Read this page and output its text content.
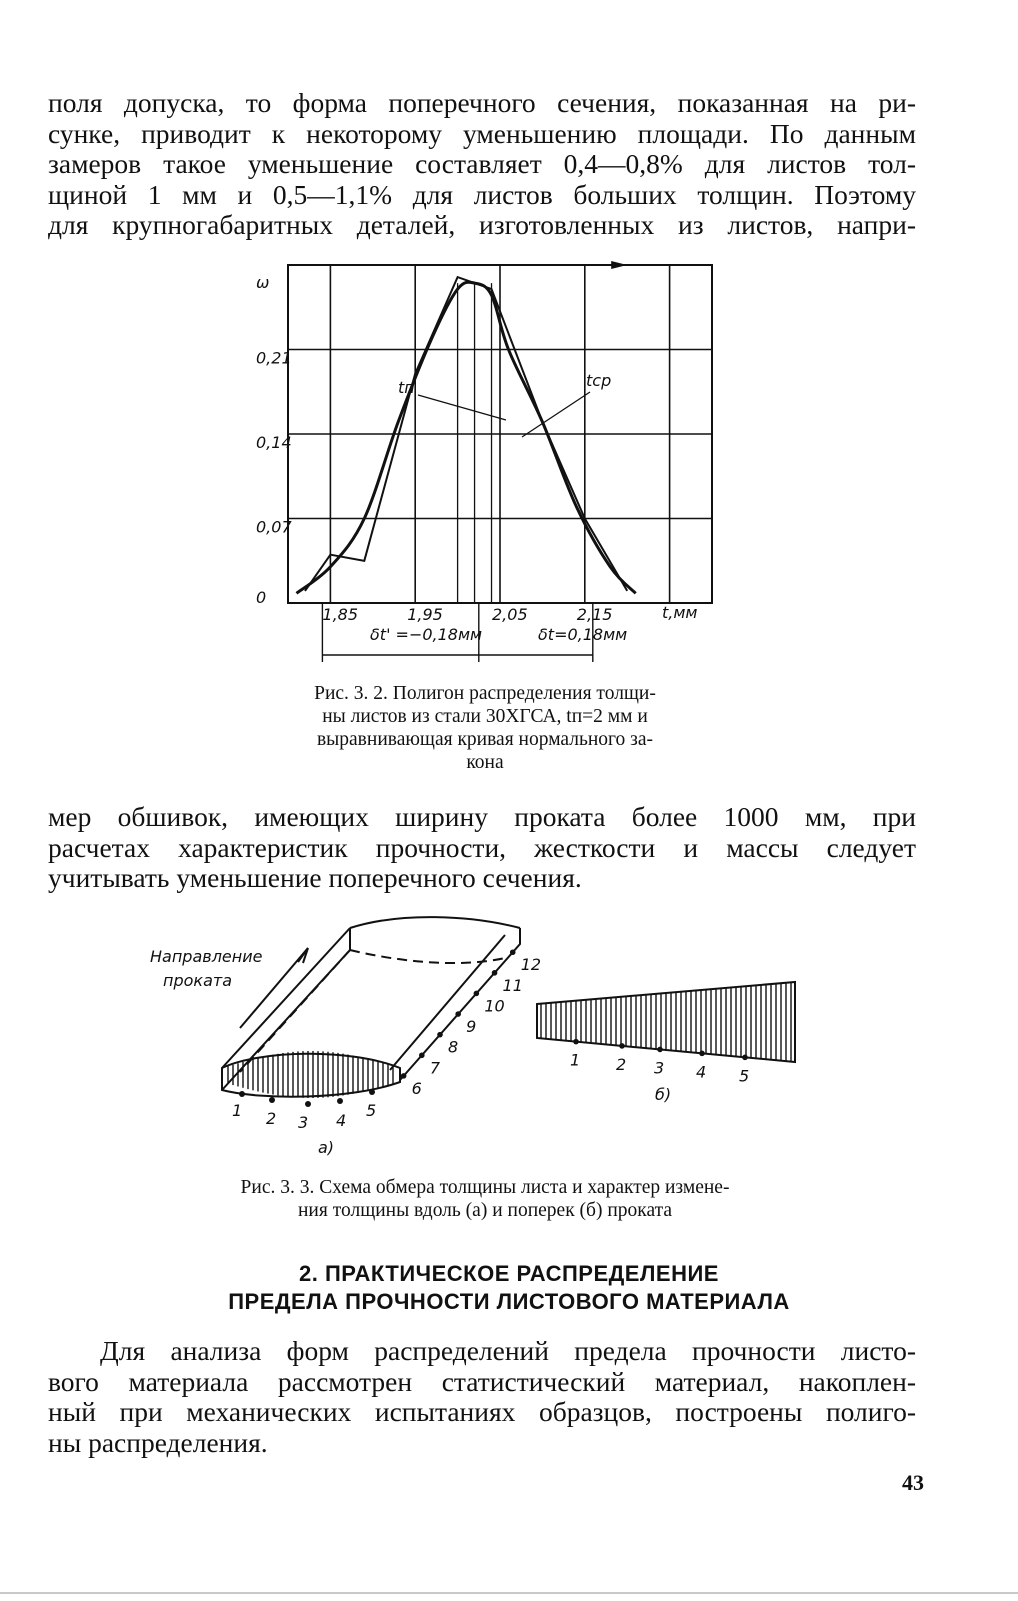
поля допуска, то форма поперечного сечения, показанная на ри-
сунке, приводит к некоторому уменьшению площади. По данным
замеров такое уменьшение составляет 0,4—0,8% для листов тол-
щиной 1 мм и 0,5—1,1% для листов больших толщин. Поэтому
для крупногабаритных деталей, изготовленных из листов, напри-
ω
t,мм
0
0,07
0,14
0,21
1,85	1,95	2,05	2,15
tп	tср
δt' =−0,18мм	δt=0,18мм
Рис. 3. 2. Полигон распределения толщи-
ны листов из стали 30ХГСА, tп=2 мм и
выравнивающая кривая нормального за-
кона
мер обшивок, имеющих ширину проката более 1000 мм, при
расчетах характеристик прочности, жесткости и массы следует
учитывать уменьшение поперечного сечения.
Направление
проката
1 2 3 4
5
6
7
8
9
10
11
12
1 2 3 4 5
а)
б)
Рис. 3. 3. Схема обмера толщины листа и характер измене-
ния толщины вдоль (а) и поперек (б) проката
2. ПРАКТИЧЕСКОЕ РАСПРЕДЕЛЕНИЕ
ПРЕДЕЛА ПРОЧНОСТИ ЛИСТОВОГО МАТЕРИАЛА
Для анализа форм распределений предела прочности листо-
вого материала рассмотрен статистический материал, накоплен-
ный при механических испытаниях образцов, построены полиго-
ны распределения.
43
